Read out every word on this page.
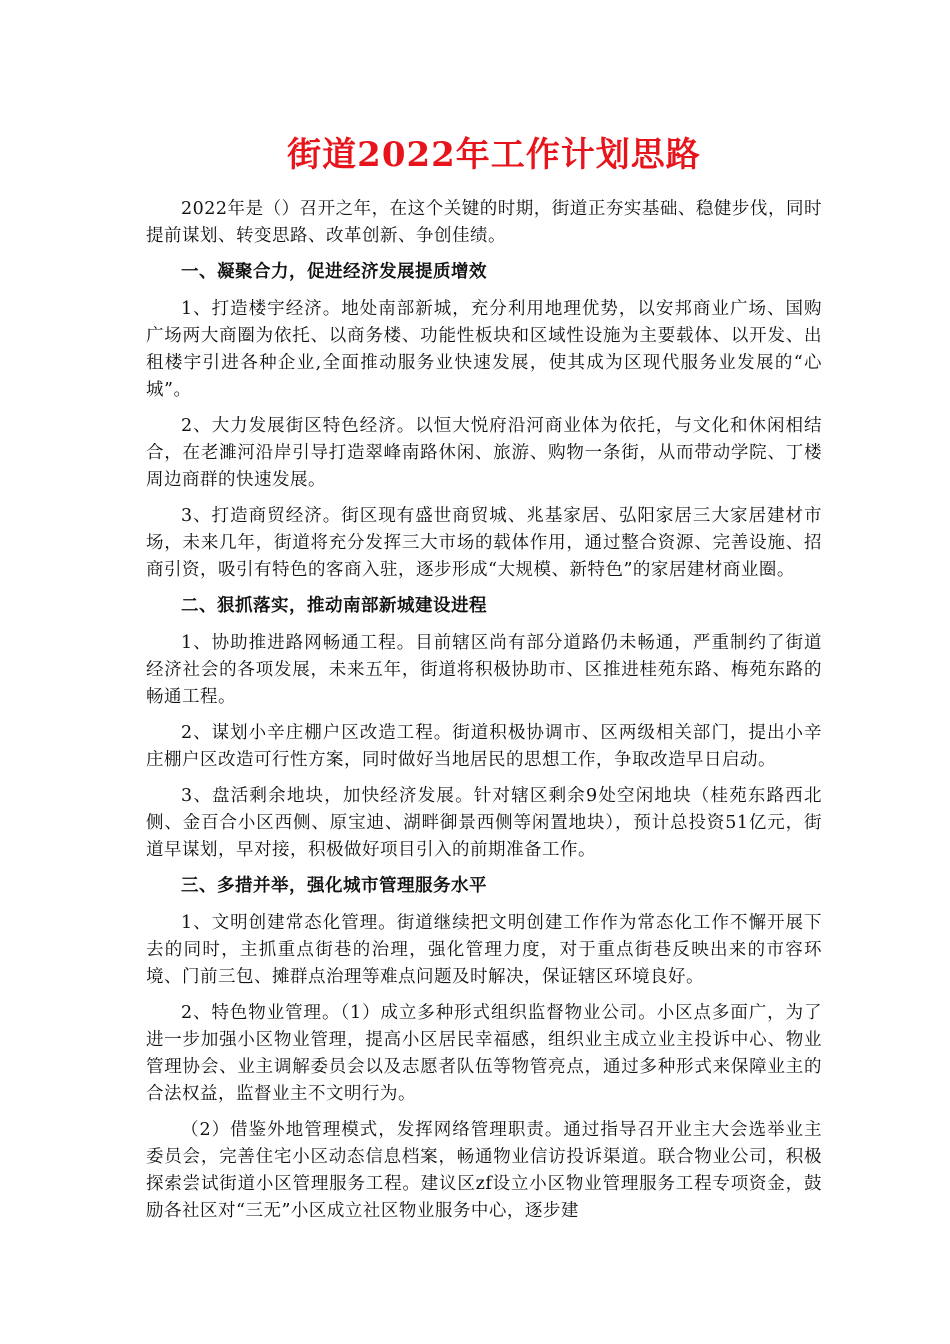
街道2022年工作计划思路

2022年是（）召开之年，在这个关键的时期，街道正夯实基础、稳健步伐，同时提前谋划、转变思路、改革创新、争创佳绩。

一、凝聚合力，促进经济发展提质增效

1、打造楼宇经济。地处南部新城，充分利用地理优势，以安邦商业广场、国购广场两大商圈为依托、以商务楼、功能性板块和区域性设施为主要载体、以开发、出租楼宇引进各种企业,全面推动服务业快速发展，使其成为区现代服务业发展的“心城”。

2、大力发展街区特色经济。以恒大悦府沿河商业体为依托，与文化和休闲相结合，在老濉河沿岸引导打造翠峰南路休闲、旅游、购物一条街，从而带动学院、丁楼周边商群的快速发展。

3、打造商贸经济。街区现有盛世商贸城、兆基家居、弘阳家居三大家居建材市场，未来几年，街道将充分发挥三大市场的载体作用，通过整合资源、完善设施、招商引资，吸引有特色的客商入驻，逐步形成“大规模、新特色”的家居建材商业圈。

二、狠抓落实，推动南部新城建设进程

1、协助推进路网畅通工程。目前辖区尚有部分道路仍未畅通，严重制约了街道经济社会的各项发展，未来五年，街道将积极协助市、区推进桂苑东路、梅苑东路的畅通工程。

2、谋划小辛庄棚户区改造工程。街道积极协调市、区两级相关部门，提出小辛庄棚户区改造可行性方案，同时做好当地居民的思想工作，争取改造早日启动。

3、盘活剩余地块，加快经济发展。针对辖区剩余9处空闲地块（桂苑东路西北侧、金百合小区西侧、原宝迪、湖畔御景西侧等闲置地块），预计总投资51亿元，街道早谋划，早对接，积极做好项目引入的前期准备工作。

三、多措并举，强化城市管理服务水平

1、文明创建常态化管理。街道继续把文明创建工作作为常态化工作不懈开展下去的同时，主抓重点街巷的治理，强化管理力度，对于重点街巷反映出来的市容环境、门前三包、摊群点治理等难点问题及时解决，保证辖区环境良好。

2、特色物业管理。（1）成立多种形式组织监督物业公司。小区点多面广，为了进一步加强小区物业管理，提高小区居民幸福感，组织业主成立业主投诉中心、物业管理协会、业主调解委员会以及志愿者队伍等物管亮点，通过多种形式来保障业主的合法权益，监督业主不文明行为。

（2）借鉴外地管理模式，发挥网络管理职责。通过指导召开业主大会选举业主委员会，完善住宅小区动态信息档案，畅通物业信访投诉渠道。联合物业公司，积极探索尝试街道小区管理服务工程。建议区zf设立小区物业管理服务工程专项资金，鼓励各社区对“三无”小区成立社区物业服务中心，逐步建
